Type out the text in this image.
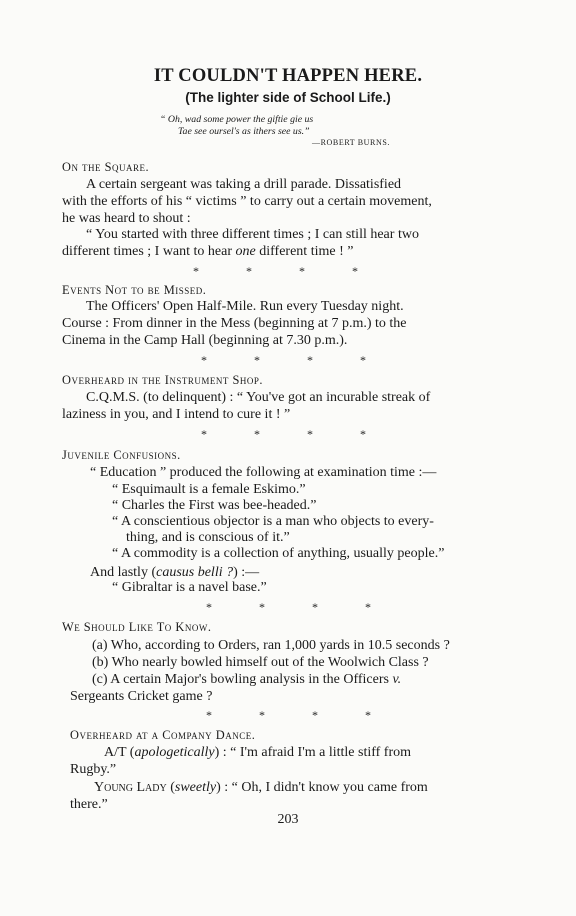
IT COULDN'T HAPPEN HERE.
(The lighter side of School Life.)
“ Oh, wad some power the giftie gie us
Tae see oursel's as ithers see us.”
—ROBERT BURNS.
On the Square.
A certain sergeant was taking a drill parade. Dissatisfied
with the efforts of his “ victims ” to carry out a certain movement,
he was heard to shout :
“ You started with three different times ; I can still hear two
different times ; I want to hear one different time ! ”
*	*	*	*
Events Not to be Missed.
The Officers' Open Half-Mile. Run every Tuesday night.
Course : From dinner in the Mess (beginning at 7 p.m.) to the
Cinema in the Camp Hall (beginning at 7.30 p.m.).
*	*	*	*
Overheard in the Instrument Shop.
C.Q.M.S. (to delinquent) : “ You've got an incurable streak of
laziness in you, and I intend to cure it ! ”
*	*	*	*
Juvenile Confusions.
“ Education ” produced the following at examination time :—
“ Esquimault is a female Eskimo.”
“ Charles the First was bee-headed.”
“ A conscientious objector is a man who objects to every-
thing, and is conscious of it.”
“ A commodity is a collection of anything, usually people.”
And lastly (causus belli ?) :—
“ Gibraltar is a navel base.”
*	*	*	*
We Should Like To Know.
(a) Who, according to Orders, ran 1,000 yards in 10.5 seconds ?
(b) Who nearly bowled himself out of the Woolwich Class ?
(c) A certain Major's bowling analysis in the Officers v.
Sergeants Cricket game ?
*	*	*	*
Overheard at a Company Dance.
A/T (apologetically) : “ I'm afraid I'm a little stiff from
Rugby.”
Young Lady (sweetly) : “ Oh, I didn't know you came from
there.”
203
